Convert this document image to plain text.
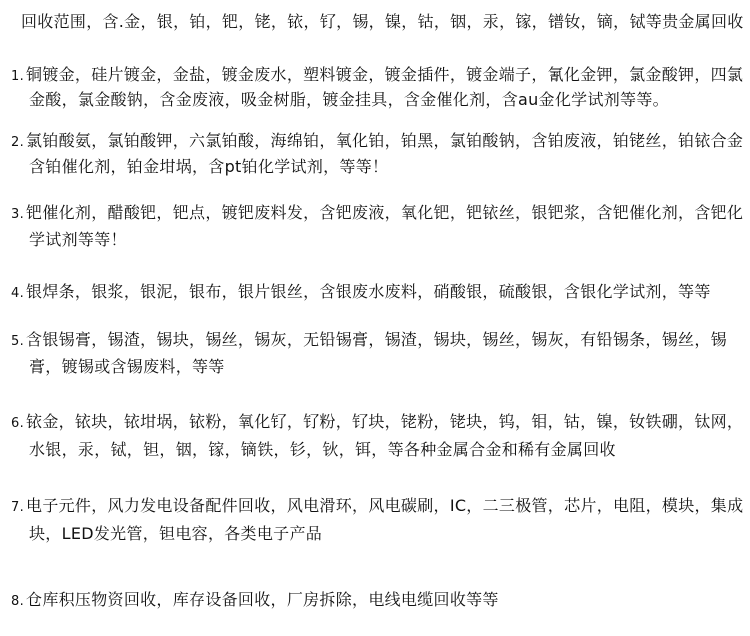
回收范围，含.金，银，铂，钯，铑，铱，钌，锡，镍，钴，铟，汞，镓，镨钕，镝，铽等贵金属回收
1. 铜镀金，硅片镀金，金盐，镀金废水，塑料镀金，镀金插件，镀金端子，氰化金钾，氯金酸钾，四氯
金酸，氯金酸钠，含金废液，吸金树脂，镀金挂具，含金催化剂，含au金化学试剂等等。
2. 氯铂酸氨，氯铂酸钾，六氯铂酸，海绵铂，氧化铂，铂黑，氯铂酸钠，含铂废液，铂铑丝，铂铱合金
含铂催化剂，铂金坩埚，含pt铂化学试剂，等等！
3. 钯催化剂，醋酸钯，钯点，镀钯废料发，含钯废液，氧化钯，钯铱丝，银钯浆，含钯催化剂，含钯化
学试剂等等！
4. 银焊条，银浆，银泥，银布，银片银丝，含银废水废料，硝酸银，硫酸银，含银化学试剂，等等
5. 含银锡膏，锡渣，锡块，锡丝，锡灰，无铅锡膏，锡渣，锡块，锡丝，锡灰，有铅锡条，锡丝，锡
膏，镀锡或含锡废料，等等
6. 铱金，铱块，铱坩埚，铱粉，氧化钌，钌粉，钌块，铑粉，铑块，钨，钼，钴，镍，钕铁硼，钛网，
水银，汞，铽，钽，铟，镓，镝铁，钐，钬，铒，等各种金属合金和稀有金属回收
7. 电子元件，风力发电设备配件回收，风电滑环，风电碳刷，IC，二三极管，芯片，电阻，模块，集成
块，LED发光管，钽电容，各类电子产品
8. 仓库积压物资回收，库存设备回收，厂房拆除，电线电缆回收等等
